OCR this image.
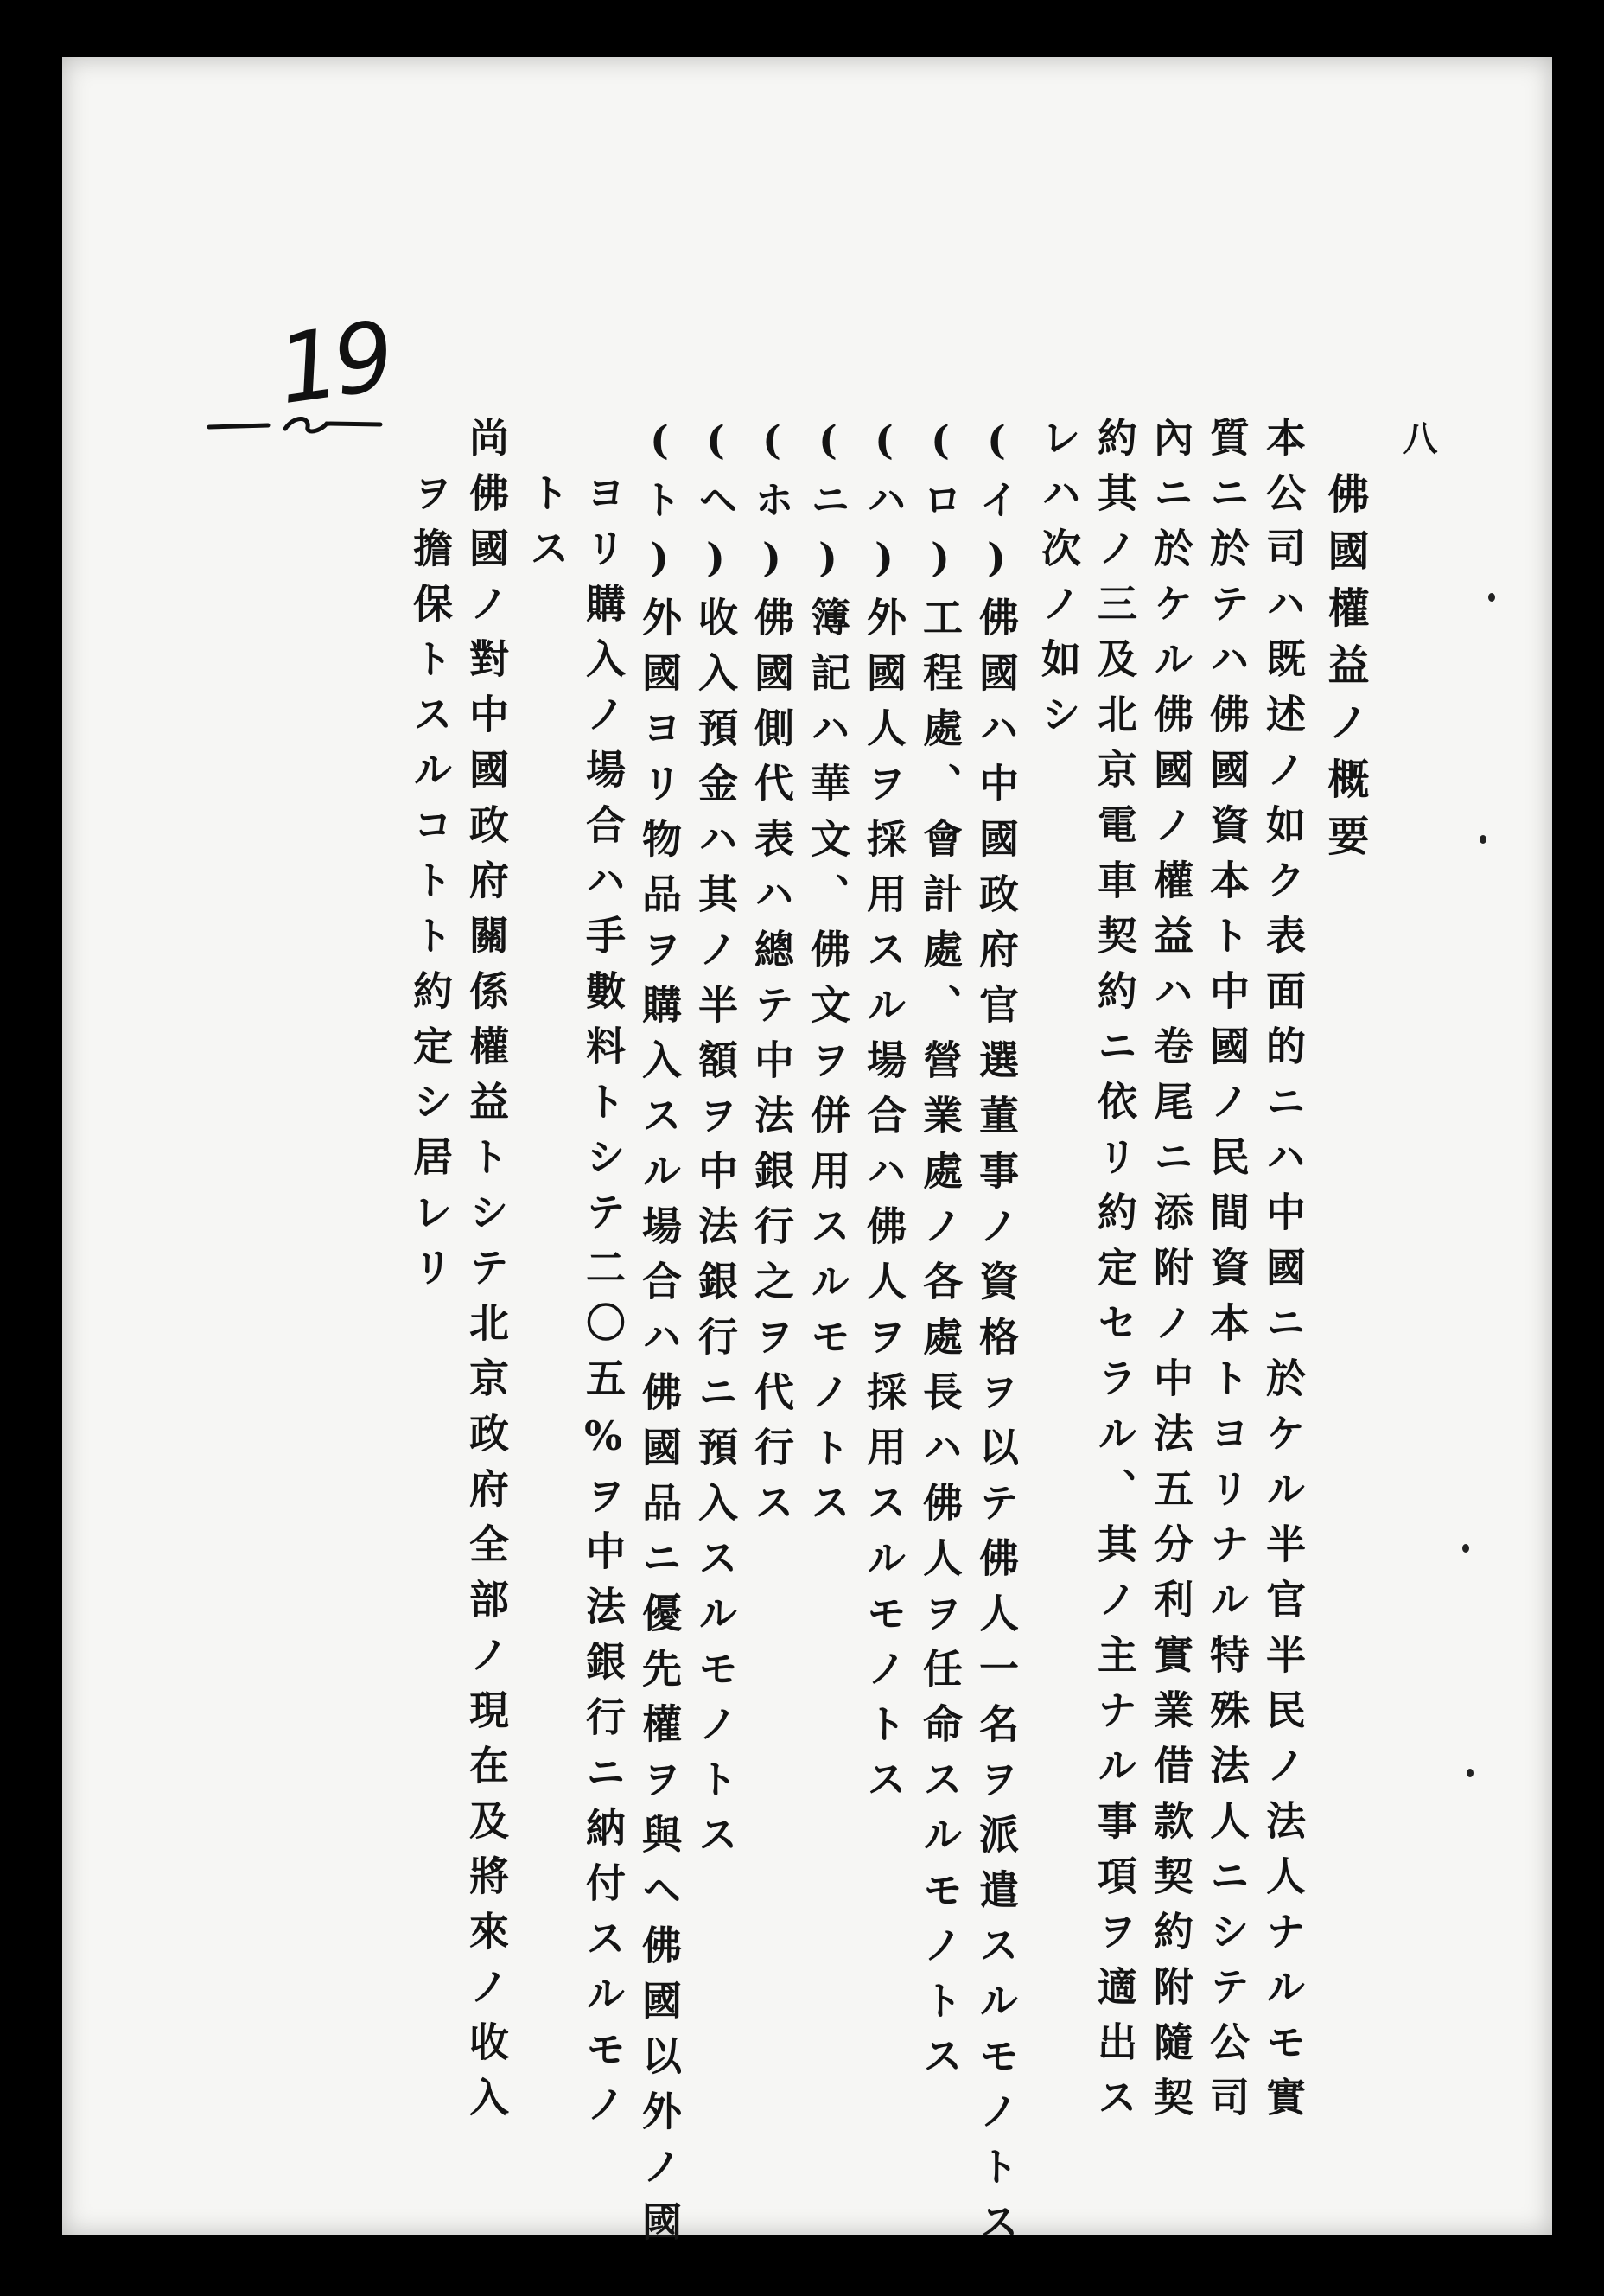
八
19
佛國權益ノ概要
本公司ハ既述ノ如ク表面的ニハ中國ニ於ケル半官半民ノ法人ナルモ實
質ニ於テハ佛國資本ト中國ノ民間資本トヨリナル特殊法人ニシテ公司
內ニ於ケル佛國ノ權益ハ卷尾ニ添附ノ中法五分利實業借款契約附隨契
約其ノ三及北京電車契約ニ依リ約定セラル、其ノ主ナル事項ヲ適出ス
レハ次ノ如シ
(イ)佛國ハ中國政府官選董事ノ資格ヲ以テ佛人一名ヲ派遣スルモノトス
(ロ)工程處、會計處、營業處ノ各處長ハ佛人ヲ任命スルモノトス
(ハ)外國人ヲ採用スル場合ハ佛人ヲ採用スルモノトス
(ニ)簿記ハ華文、佛文ヲ併用スルモノトス
(ホ)佛國側代表ハ總テ中法銀行之ヲ代行ス
(ヘ)收入預金ハ其ノ半額ヲ中法銀行ニ預入スルモノトス
(ト)外國ヨリ物品ヲ購入スル場合ハ佛國品ニ優先權ヲ與ヘ佛國以外ノ國
ヨリ購入ノ場合ハ手數料トシテ二〇五%ヲ中法銀行ニ納付スルモノ
トス
尚佛國ノ對中國政府關係權益トシテ北京政府全部ノ現在及將來ノ收入
ヲ擔保トスルコトト約定シ居レリ
